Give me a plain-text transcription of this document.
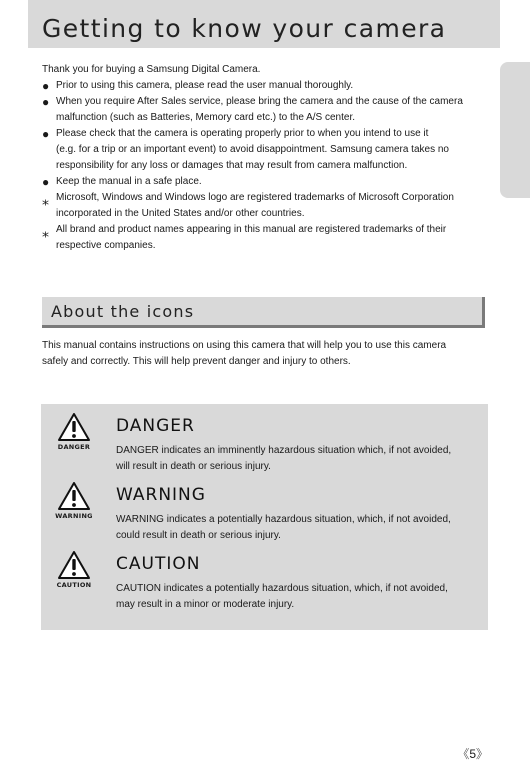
Getting to know your camera
Thank you for buying a Samsung Digital Camera.
● Prior to using this camera, please read the user manual thoroughly.
● When you require After Sales service, please bring the camera and the cause of the camera
malfunction (such as Batteries, Memory card etc.) to the A/S center.
● Please check that the camera is operating properly prior to when you intend to use it
(e.g. for a trip or an important event) to avoid disappointment. Samsung camera takes no
responsibility for any loss or damages that may result from camera malfunction.
● Keep the manual in a safe place.
⁎ Microsoft, Windows and Windows logo are registered trademarks of Microsoft Corporation
incorporated in the United States and/or other countries.
⁎ All brand and product names appearing in this manual are registered trademarks of their
respective companies.
About the icons
This manual contains instructions on using this camera that will help you to use this camera
safely and correctly. This will help prevent danger and injury to others.
DANGER
DANGER
DANGER indicates an imminently hazardous situation which, if not avoided,
will result in death or serious injury.
WARNING
WARNING
WARNING indicates a potentially hazardous situation, which, if not avoided,
could result in death or serious injury.
CAUTION
CAUTION
CAUTION indicates a potentially hazardous situation, which, if not avoided,
may result in a minor or moderate injury.
《5》
